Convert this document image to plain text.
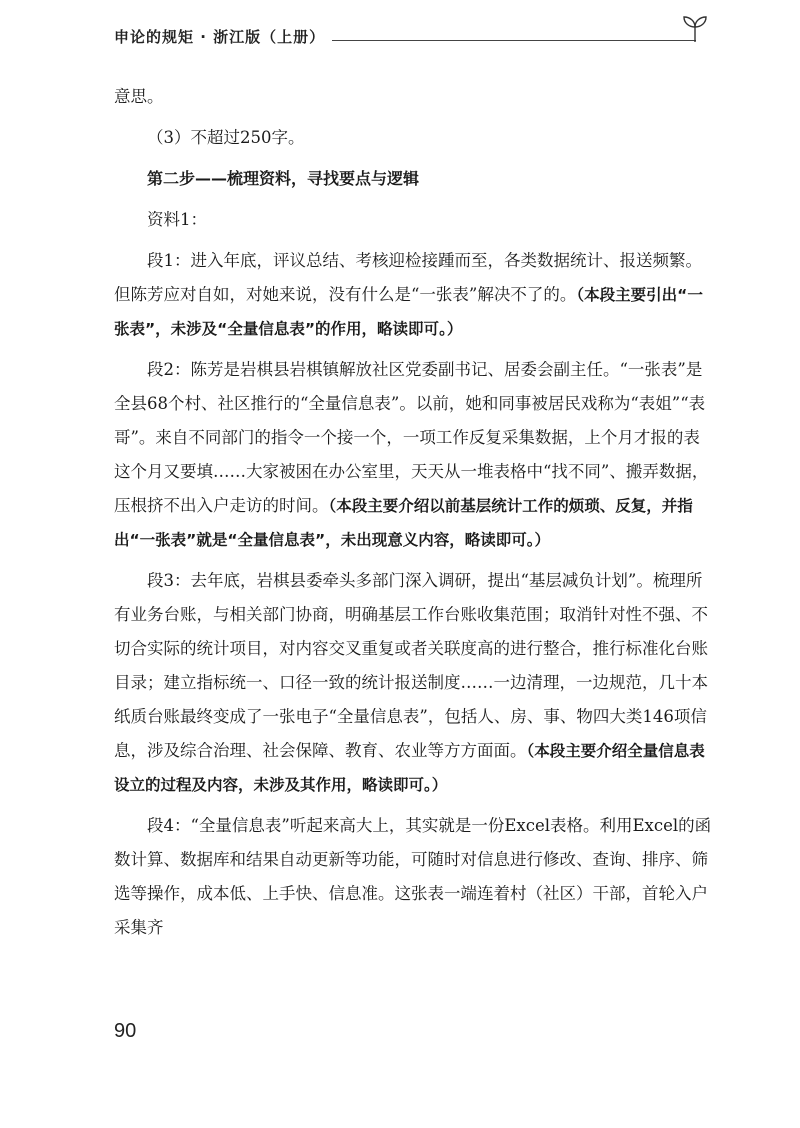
申论的规矩 · 浙江版（上册）
意思。
（3）不超过250字。
第二步——梳理资料，寻找要点与逻辑
资料1：
段1：进入年底，评议总结、考核迎检接踵而至，各类数据统计、报送频繁。但陈芳应对自如，对她来说，没有什么是“一张表”解决不了的。（本段主要引出“一张表”，未涉及“全量信息表”的作用，略读即可。）
段2：陈芳是岩棋县岩棋镇解放社区党委副书记、居委会副主任。“一张表”是全县68个村、社区推行的“全量信息表”。以前，她和同事被居民戏称为“表姐”“表哥”。来自不同部门的指令一个接一个，一项工作反复采集数据，上个月才报的表这个月又要填……大家被困在办公室里，天天从一堆表格中“找不同”、搬弄数据，压根挤不出入户走访的时间。（本段主要介绍以前基层统计工作的烦琐、反复，并指出“一张表”就是“全量信息表”，未出现意义内容，略读即可。）
段3：去年底，岩棋县委牵头多部门深入调研，提出“基层减负计划”。梳理所有业务台账，与相关部门协商，明确基层工作台账收集范围；取消针对性不强、不切合实际的统计项目，对内容交叉重复或者关联度高的进行整合，推行标准化台账目录；建立指标统一、口径一致的统计报送制度……一边清理，一边规范，几十本纸质台账最终变成了一张电子“全量信息表”，包括人、房、事、物四大类146项信息，涉及综合治理、社会保障、教育、农业等方方面面。（本段主要介绍全量信息表设立的过程及内容，未涉及其作用，略读即可。）
段4：“全量信息表”听起来高大上，其实就是一份Excel表格。利用Excel的函数计算、数据库和结果自动更新等功能，可随时对信息进行修改、查询、排序、筛选等操作，成本低、上手快、信息准。这张表一端连着村（社区）干部，首轮入户采集齐
90
